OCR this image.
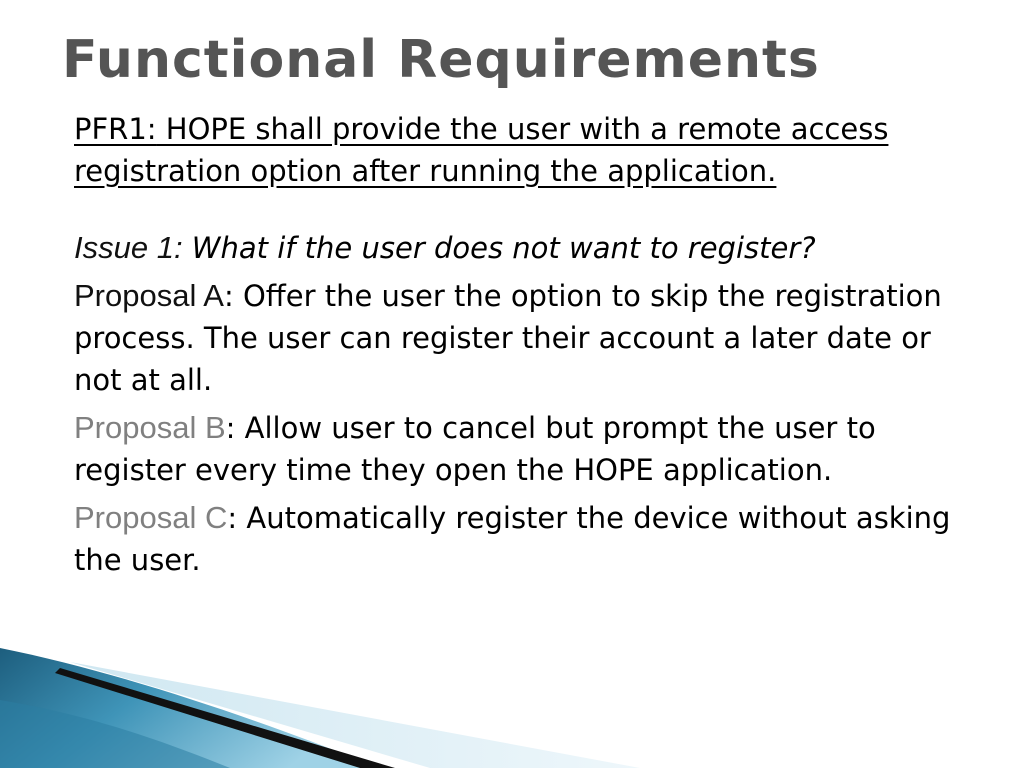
Functional Requirements

PFR1: HOPE shall provide the user with a remote access registration option after running the application.

Issue 1: What if the user does not want to register?

Proposal A: Offer the user the option to skip the registration process. The user can register their account a later date or not at all.

Proposal B: Allow user to cancel but prompt the user to register every time they open the HOPE application.

Proposal C: Automatically register the device without asking the user.
